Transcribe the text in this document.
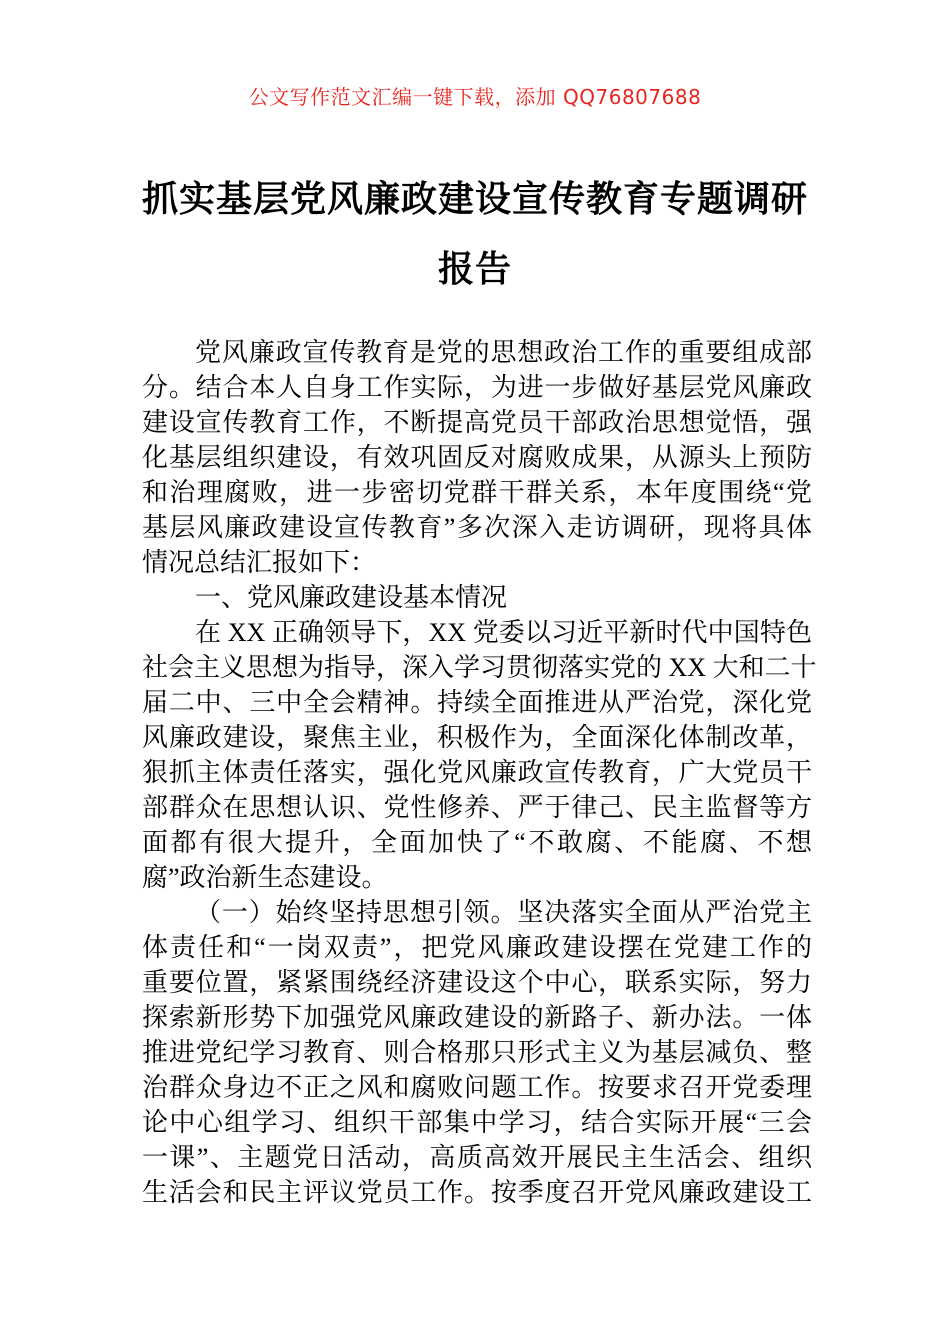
公文写作范文汇编一键下载，添加 QQ76807688
抓实基层党风廉政建设宣传教育专题调研
报告
党风廉政宣传教育是党的思想政治工作的重要组成部
分。结合本人自身工作实际，为进一步做好基层党风廉政
建设宣传教育工作，不断提高党员干部政治思想觉悟，强
化基层组织建设，有效巩固反对腐败成果，从源头上预防
和治理腐败，进一步密切党群干群关系，本年度围绕“党
基层风廉政建设宣传教育”多次深入走访调研，现将具体
情况总结汇报如下：
一、党风廉政建设基本情况
在 XX 正确领导下，XX 党委以习近平新时代中国特色
社会主义思想为指导，深入学习贯彻落实党的 XX 大和二十
届二中、三中全会精神。持续全面推进从严治党，深化党
风廉政建设，聚焦主业，积极作为，全面深化体制改革，
狠抓主体责任落实，强化党风廉政宣传教育，广大党员干
部群众在思想认识、党性修养、严于律己、民主监督等方
面都有很大提升，全面加快了“不敢腐、不能腐、不想
腐”政治新生态建设。
（一）始终坚持思想引领。坚决落实全面从严治党主
体责任和“一岗双责”，把党风廉政建设摆在党建工作的
重要位置，紧紧围绕经济建设这个中心，联系实际，努力
探索新形势下加强党风廉政建设的新路子、新办法。一体
推进党纪学习教育、则合格那只形式主义为基层减负、整
治群众身边不正之风和腐败问题工作。按要求召开党委理
论中心组学习、组织干部集中学习，结合实际开展“三会
一课”、主题党日活动，高质高效开展民主生活会、组织
生活会和民主评议党员工作。按季度召开党风廉政建设工
